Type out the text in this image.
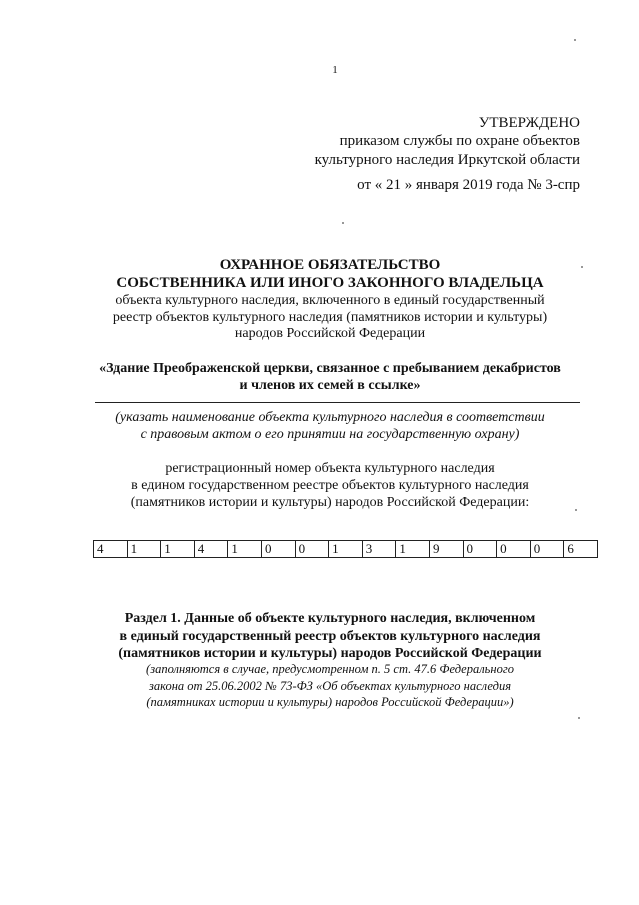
1
УТВЕРЖДЕНО
приказом службы по охране объектов
культурного наследия Иркутской области
от « 21 » января 2019 года № 3-спр
ОХРАННОЕ ОБЯЗАТЕЛЬСТВО
СОБСТВЕННИКА ИЛИ ИНОГО ЗАКОННОГО ВЛАДЕЛЬЦА
объекта культурного наследия, включенного в единый государственный
реестр объектов культурного наследия (памятников истории и культуры)
народов Российской Федерации
«Здание Преображенской церкви, связанное с пребыванием декабристов
и членов их семей в ссылке»
(указать наименование объекта культурного наследия в соответствии
с правовым актом о его принятии на государственную охрану)
регистрационный номер объекта культурного наследия
в едином государственном реестре объектов культурного наследия
(памятников истории и культуры) народов Российской Федерации:
4	1	1	4	1	0	0	1	3	1	9	0	0	0	6
Раздел 1. Данные об объекте культурного наследия, включенном
в единый государственный реестр объектов культурного наследия
(памятников истории и культуры) народов Российской Федерации
(заполняются в случае, предусмотренном п. 5 ст. 47.6 Федерального
закона от 25.06.2002 № 73-ФЗ «Об объектах культурного наследия
(памятниках истории и культуры) народов Российской Федерации»)
